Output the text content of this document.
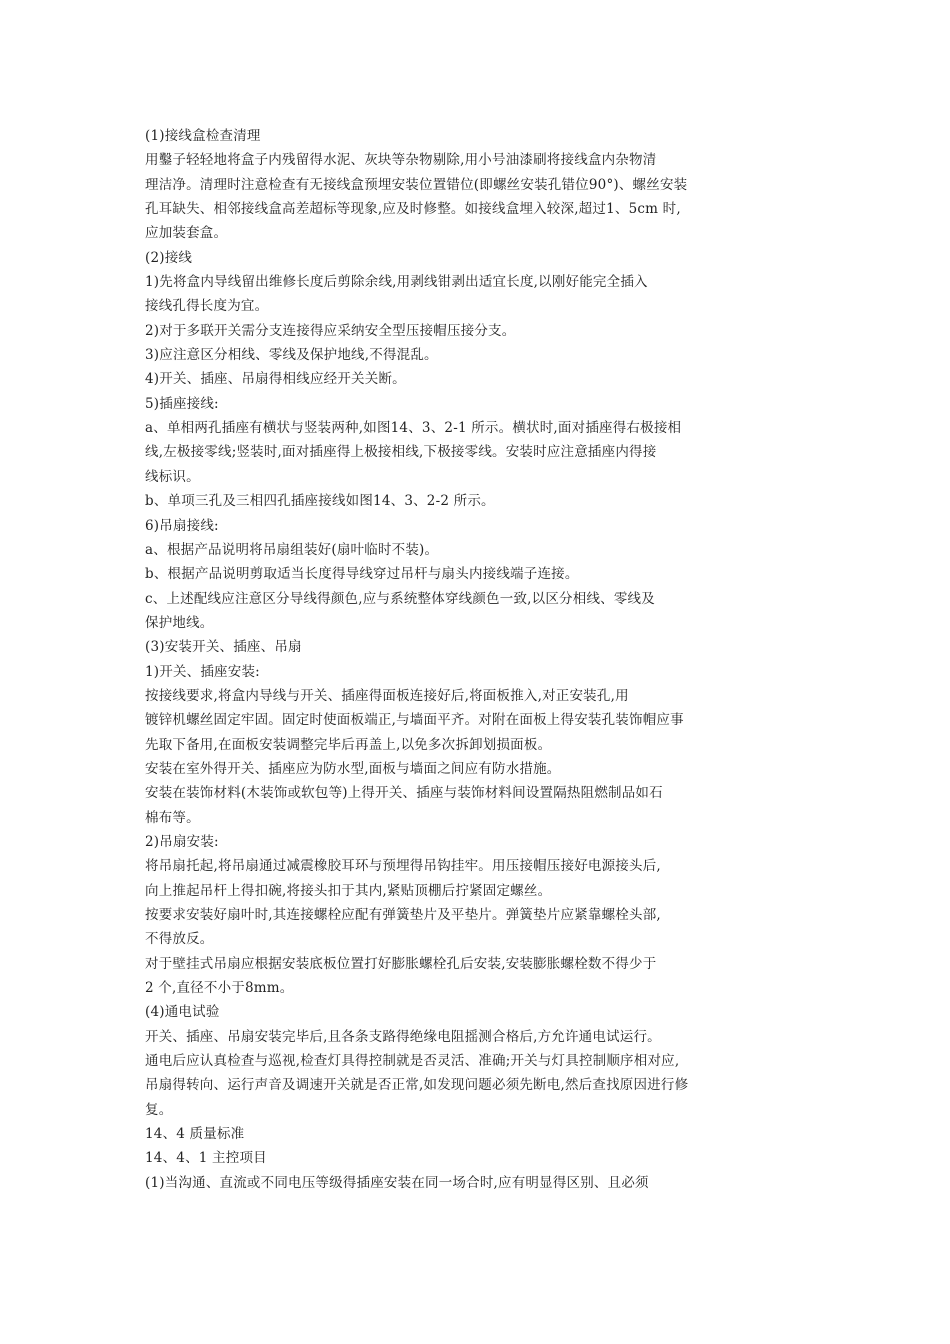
(1)接线盒检查清理
用鑿子轻轻地将盒子内残留得水泥、灰块等杂物剔除,用小号油漆刷将接线盒内杂物清
理洁净。清理时注意检查有无接线盒预埋安装位置错位(即螺丝安装孔错位90°)、螺丝安装
孔耳缺失、相邻接线盒高差超标等现象,应及时修整。如接线盒埋入较深,超过1、5cm 时,
应加装套盒。
(2)接线
1)先将盒内导线留出维修长度后剪除余线,用剥线钳剥出适宜长度,以刚好能完全插入
接线孔得长度为宜。
2)对于多联开关需分支连接得应采纳安全型压接帽压接分支。
3)应注意区分相线、零线及保护地线,不得混乱。
4)开关、插座、吊扇得相线应经开关关断。
5)插座接线:
a、单相两孔插座有横状与竖装两种,如图14、3、2-1 所示。横状时,面对插座得右极接相
线,左极接零线;竖装时,面对插座得上极接相线,下极接零线。安装时应注意插座内得接
线标识。
b、单项三孔及三相四孔插座接线如图14、3、2-2 所示。
6)吊扇接线:
a、根据产品说明将吊扇组装好(扇叶临时不装)。
b、根据产品说明剪取适当长度得导线穿过吊杆与扇头内接线端子连接。
c、上述配线应注意区分导线得颜色,应与系统整体穿线颜色一致,以区分相线、零线及
保护地线。
(3)安装开关、插座、吊扇
1)开关、插座安装:
按接线要求,将盒内导线与开关、插座得面板连接好后,将面板推入,对正安装孔,用
镀锌机螺丝固定牢固。固定时使面板端正,与墙面平齐。对附在面板上得安装孔装饰帽应事
先取下备用,在面板安装调整完毕后再盖上,以免多次拆卸划损面板。
安装在室外得开关、插座应为防水型,面板与墙面之间应有防水措施。
安装在装饰材料(木装饰或软包等)上得开关、插座与装饰材料间设置隔热阻燃制品如石
棉布等。
2)吊扇安装:
将吊扇托起,将吊扇通过减震橡胶耳环与预埋得吊钩挂牢。用压接帽压接好电源接头后,
向上推起吊杆上得扣碗,将接头扣于其内,紧贴顶棚后拧紧固定螺丝。
按要求安装好扇叶时,其连接螺栓应配有弹簧垫片及平垫片。弹簧垫片应紧靠螺栓头部,
不得放反。
对于壁挂式吊扇应根据安装底板位置打好膨胀螺栓孔后安装,安装膨胀螺栓数不得少于
2 个,直径不小于8mm。
(4)通电试验
开关、插座、吊扇安装完毕后,且各条支路得绝缘电阻摇测合格后,方允许通电试运行。
通电后应认真检查与巡视,检查灯具得控制就是否灵活、准确;开关与灯具控制顺序相对应,
吊扇得转向、运行声音及调速开关就是否正常,如发现问题必须先断电,然后查找原因进行修
复。
14、4 质量标准
14、4、1 主控项目
(1)当沟通、直流或不同电压等级得插座安装在同一场合时,应有明显得区别、且必须
